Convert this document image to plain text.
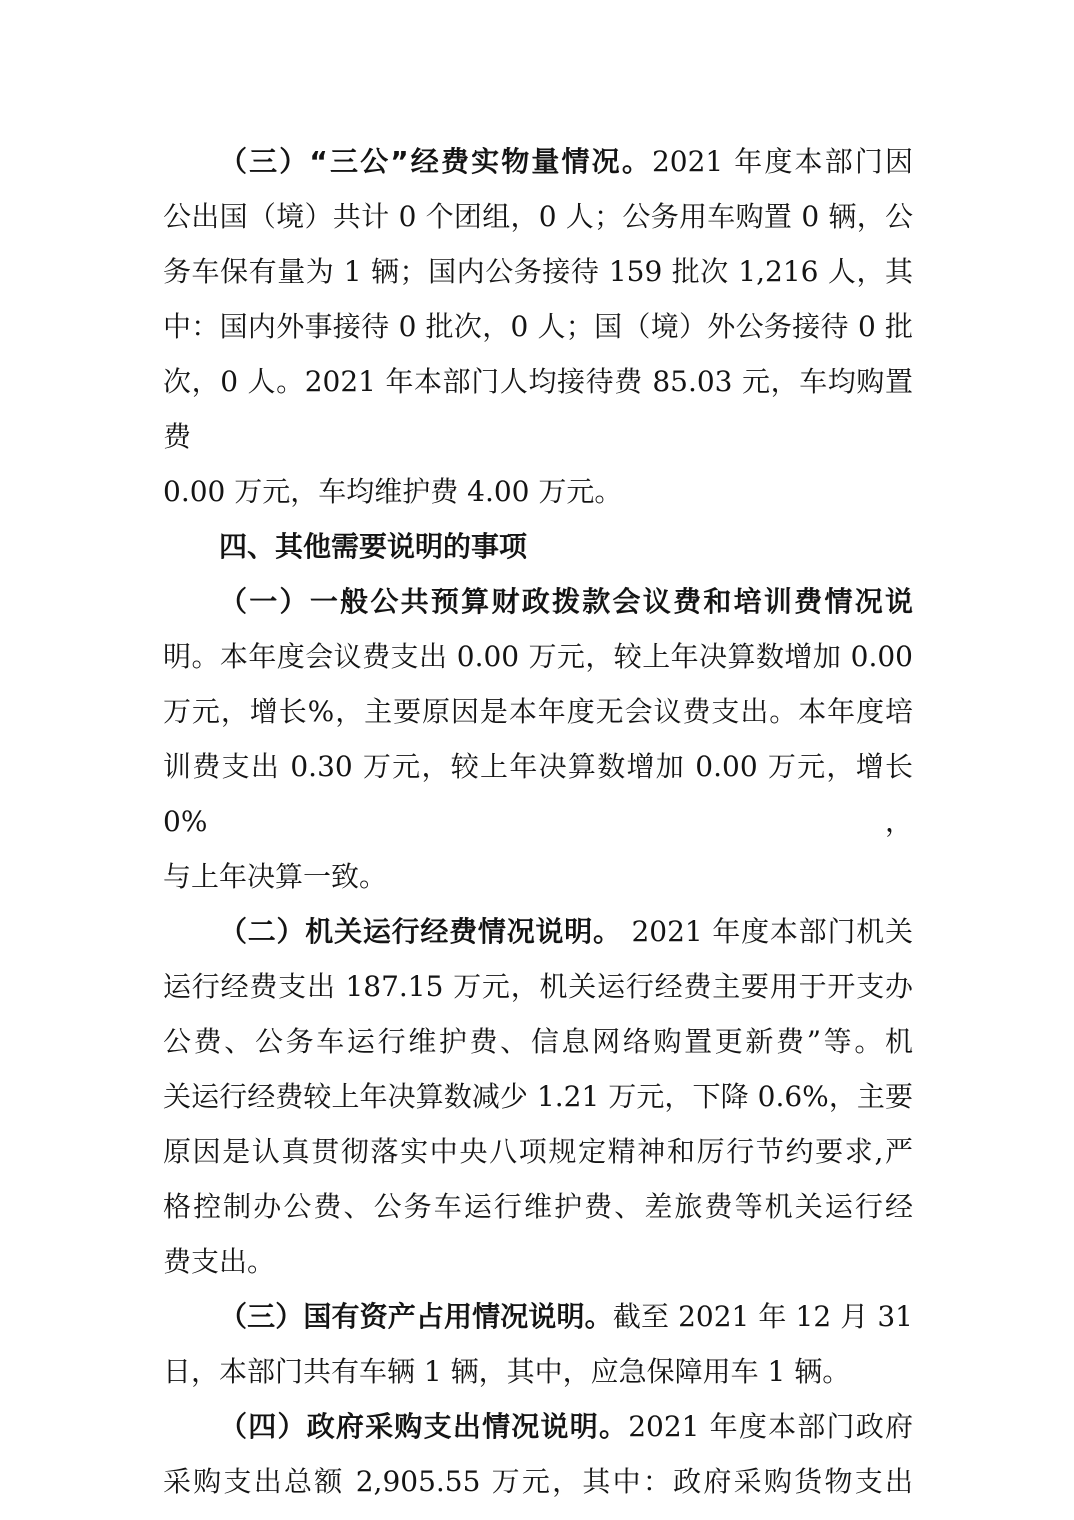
（三）“三公”经费实物量情况。2021 年度本部门因
公出国（境）共计 0 个团组，0 人；公务用车购置 0 辆，公
务车保有量为 1 辆；国内公务接待 159 批次 1,216 人，其
中：国内外事接待 0 批次，0 人；国（境）外公务接待 0 批
次，0 人。2021 年本部门人均接待费 85.03 元，车均购置费
0.00 万元，车均维护费 4.00 万元。
四、其他需要说明的事项
（一）一般公共预算财政拨款会议费和培训费情况说
明。本年度会议费支出 0.00 万元，较上年决算数增加 0.00
万元，增长%，主要原因是本年度无会议费支出。本年度培
训费支出 0.30 万元，较上年决算数增加 0.00 万元，增长 0%，
与上年决算一致。
（二）机关运行经费情况说明。 2021 年度本部门机关
运行经费支出 187.15 万元，机关运行经费主要用于开支办
公费、公务车运行维护费、信息网络购置更新费”等。机
关运行经费较上年决算数减少 1.21 万元，下降 0.6%，主要
原因是认真贯彻落实中央八项规定精神和厉行节约要求,严
格控制办公费、公务车运行维护费、差旅费等机关运行经
费支出。
（三）国有资产占用情况说明。截至 2021 年 12 月 31
日，本部门共有车辆 1 辆，其中，应急保障用车 1 辆。
（四）政府采购支出情况说明。2021 年度本部门政府
采购支出总额 2,905.55 万元，其中：政府采购货物支出
